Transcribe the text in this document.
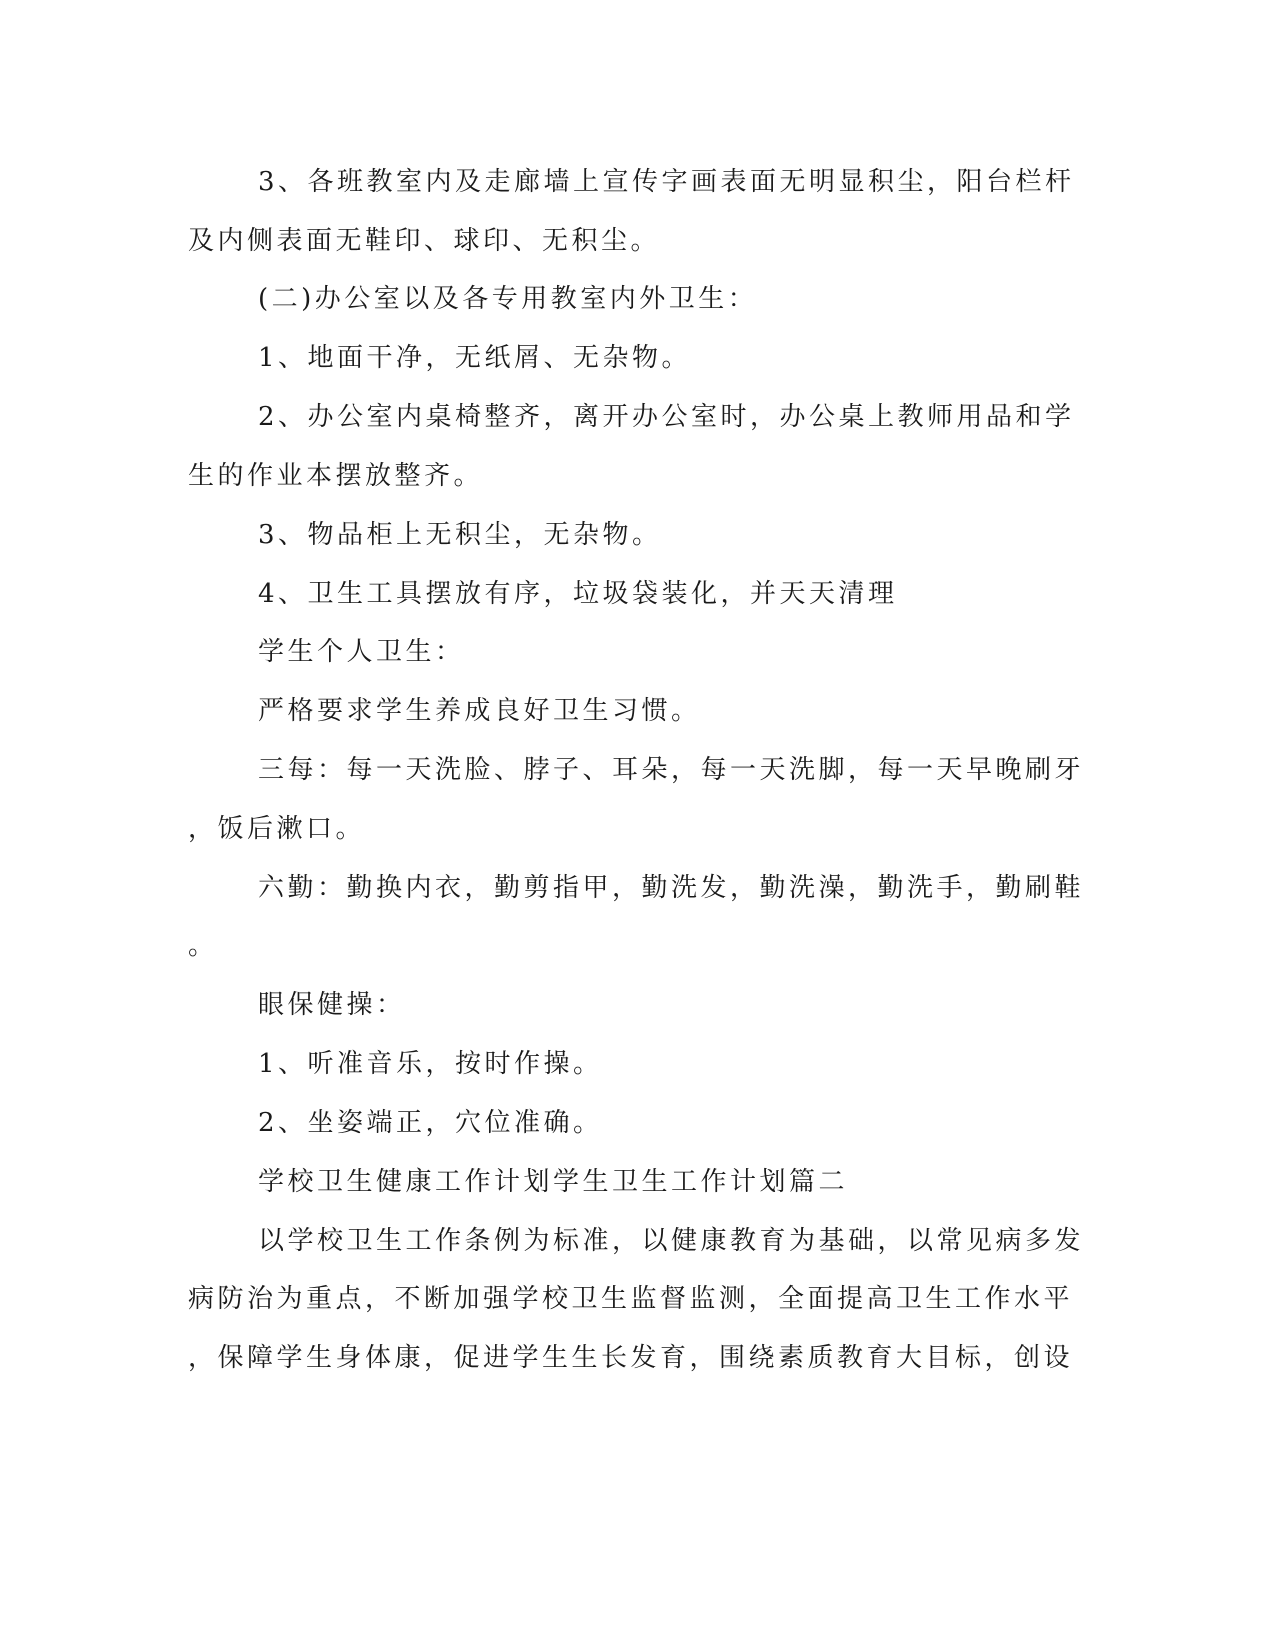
3、各班教室内及走廊墙上宣传字画表面无明显积尘，阳台栏杆
及内侧表面无鞋印、球印、无积尘。
(二)办公室以及各专用教室内外卫生：
1、地面干净，无纸屑、无杂物。
2、办公室内桌椅整齐，离开办公室时，办公桌上教师用品和学
生的作业本摆放整齐。
3、物品柜上无积尘，无杂物。
4、卫生工具摆放有序，垃圾袋装化，并天天清理
学生个人卫生：
严格要求学生养成良好卫生习惯。
三每：每一天洗脸、脖子、耳朵，每一天洗脚，每一天早晚刷牙
，饭后漱口。
六勤：勤换内衣，勤剪指甲，勤洗发，勤洗澡，勤洗手，勤刷鞋
。
眼保健操：
1、听准音乐，按时作操。
2、坐姿端正，穴位准确。
学校卫生健康工作计划学生卫生工作计划篇二
以学校卫生工作条例为标准，以健康教育为基础，以常见病多发
病防治为重点，不断加强学校卫生监督监测，全面提高卫生工作水平
，保障学生身体康，促进学生生长发育，围绕素质教育大目标，创设
